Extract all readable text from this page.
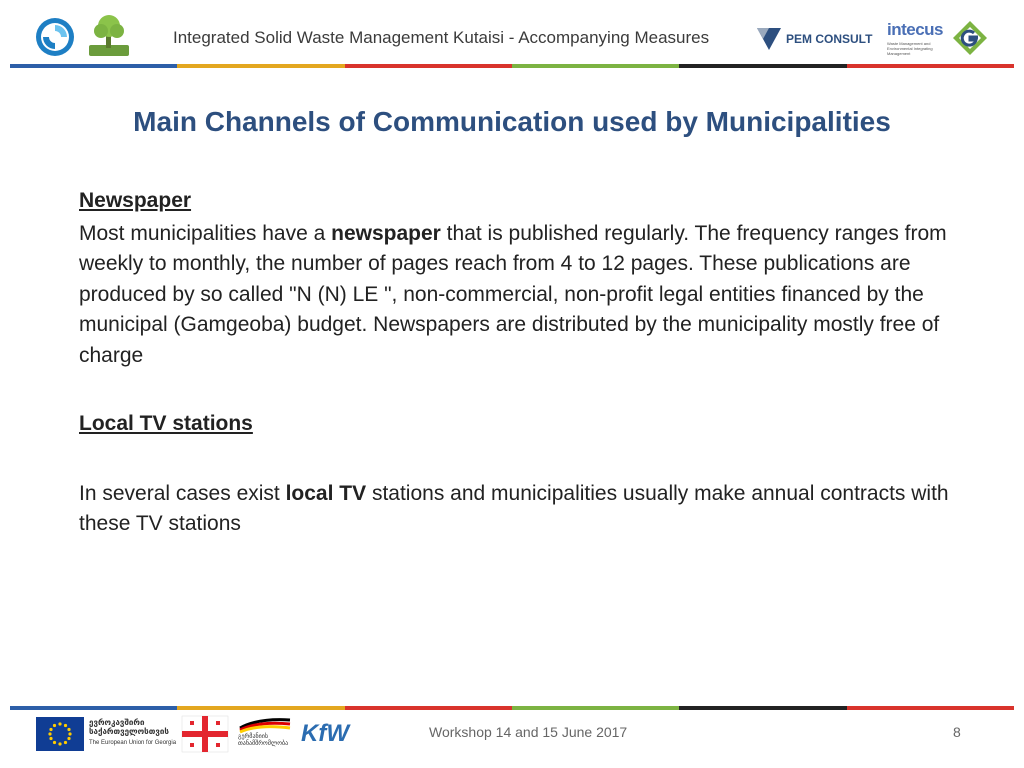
Integrated Solid Waste Management Kutaisi - Accompanying Measures	PEM CONSULT intecus
Waste Management and Environmental Integrating Management
Main Channels of Communication used by Municipalities
Newspaper

Most municipalities have a newspaper that is published regularly. The frequency ranges from weekly to monthly, the number of pages reach from 4 to 12 pages. These publications are produced by so called "N (N) LE ", non-commercial, non-profit legal entities financed by the municipal (Gamgeoba) budget. Newspapers are distributed by the municipality mostly free of charge

Local TV stations

In several cases exist local TV stations and municipalities usually make annual contracts with these TV stations

ევროკავშირი
საქართველოსთვის
The European Union for Georgia
გერმანიის თანამშრომლობა KfW	Workshop 14 and 15 June 2017	8
